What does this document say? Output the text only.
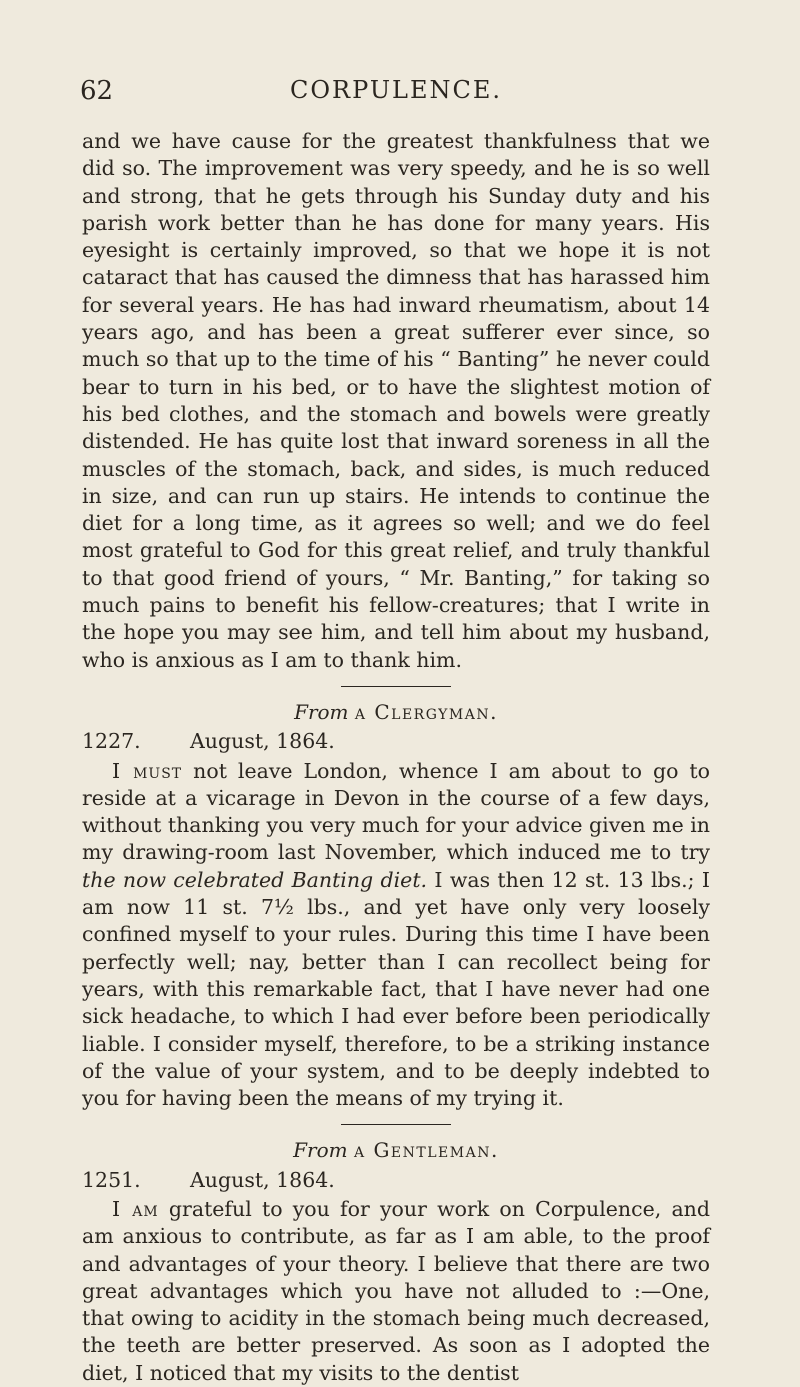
62	CORPULENCE.

and we have cause for the greatest thankfulness that we did so. The improvement was very speedy, and he is so well and strong, that he gets through his Sunday duty and his parish work better than he has done for many years. His eyesight is certainly improved, so that we hope it is not cataract that has caused the dimness that has harassed him for several years. He has had inward rheumatism, about 14 years ago, and has been a great sufferer ever since, so much so that up to the time of his “ Banting” he never could bear to turn in his bed, or to have the slightest motion of his bed clothes, and the stomach and bowels were greatly distended. He has quite lost that inward soreness in all the muscles of the stomach, back, and sides, is much reduced in size, and can run up stairs. He intends to continue the diet for a long time, as it agrees so well; and we do feel most grateful to God for this great relief, and truly thankful to that good friend of yours, “ Mr. Banting,” for taking so much pains to benefit his fellow-creatures; that I write in the hope you may see him, and tell him about my husband, who is anxious as I am to thank him.

From a Clergyman.
1227. August, 1864.

I must not leave London, whence I am about to go to reside at a vicarage in Devon in the course of a few days, without thanking you very much for your advice given me in my drawing-room last November, which induced me to try the now celebrated Banting diet. I was then 12 st. 13 lbs.; I am now 11 st. 7½ lbs., and yet have only very loosely confined myself to your rules. During this time I have been perfectly well; nay, better than I can recollect being for years, with this remarkable fact, that I have never had one sick headache, to which I had ever before been periodically liable. I consider myself, therefore, to be a striking instance of the value of your system, and to be deeply indebted to you for having been the means of my trying it.

From a Gentleman.
1251. August, 1864.

I am grateful to you for your work on Corpulence, and am anxious to contribute, as far as I am able, to the proof and advantages of your theory. I believe that there are two great advantages which you have not alluded to :—One, that owing to acidity in the stomach being much decreased, the teeth are better preserved. As soon as I adopted the diet, I noticed that my visits to the dentist
